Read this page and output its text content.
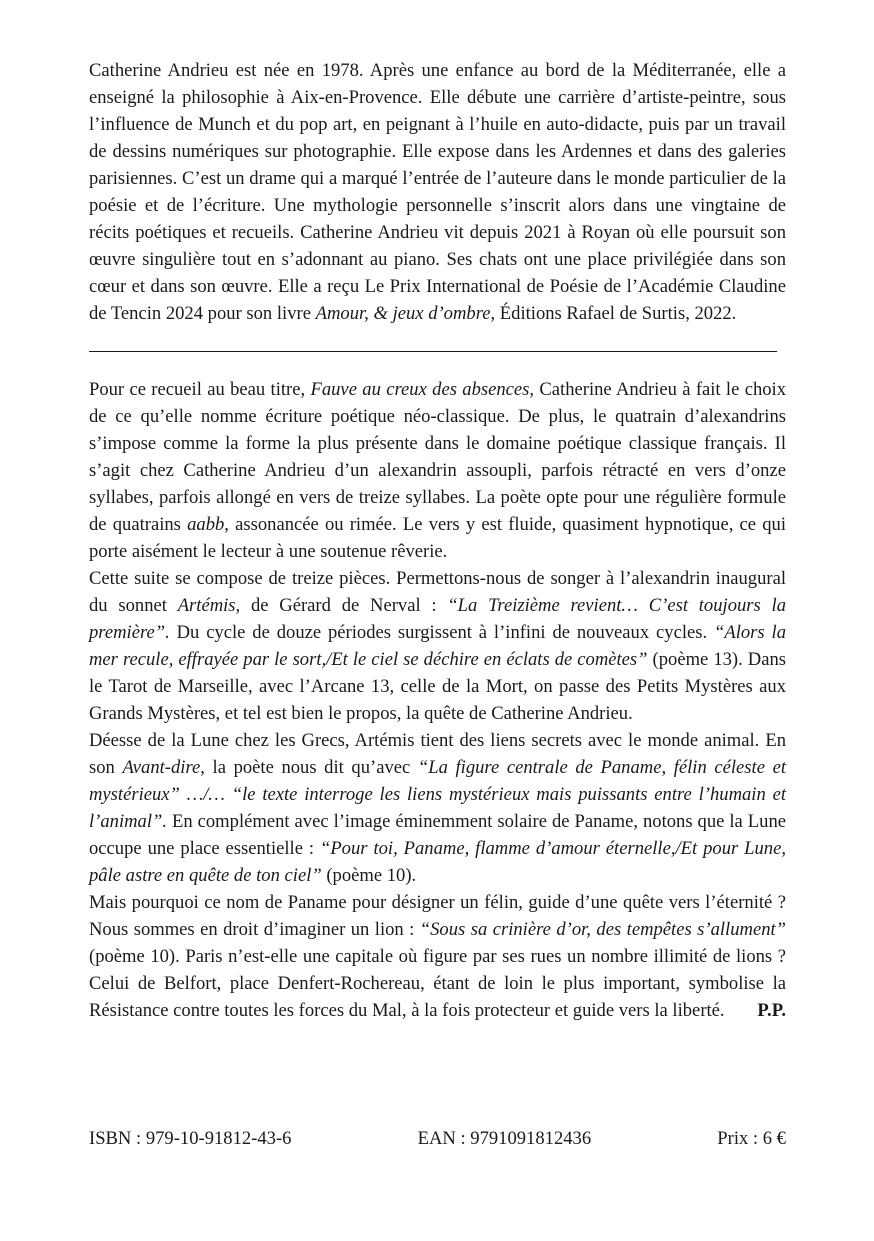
Catherine Andrieu est née en 1978. Après une enfance au bord de la Méditerranée, elle a enseigné la philosophie à Aix-en-Provence. Elle débute une carrière d’artiste-peintre, sous l’influence de Munch et du pop art, en peignant à l’huile en auto-didacte, puis par un travail de dessins numériques sur photographie. Elle expose dans les Ardennes et dans des galeries parisiennes. C’est un drame qui a marqué l’entrée de l’auteure dans le monde particulier de la poésie et de l’écriture. Une mythologie personnelle s’inscrit alors dans une vingtaine de récits poétiques et recueils. Catherine Andrieu vit depuis 2021 à Royan où elle poursuit son œuvre singulière tout en s’adonnant au piano. Ses chats ont une place privilégiée dans son cœur et dans son œuvre. Elle a reçu Le Prix International de Poésie de l’Académie Claudine de Tencin 2024 pour son livre Amour, & jeux d’ombre, Éditions Rafael de Surtis, 2022.

Pour ce recueil au beau titre, Fauve au creux des absences, Catherine Andrieu à fait le choix de ce qu’elle nomme écriture poétique néo-classique. De plus, le quatrain d’alexandrins s’impose comme la forme la plus présente dans le domaine poétique classique français. Il s’agit chez Catherine Andrieu d’un alexandrin assoupli, parfois rétracté en vers d’onze syllabes, parfois allongé en vers de treize syllabes. La poète opte pour une régulière formule de quatrains aabb, assonancée ou rimée. Le vers y est fluide, quasiment hypnotique, ce qui porte aisément le lecteur à une soutenue rêverie.

Cette suite se compose de treize pièces. Permettons-nous de songer à l’alexandrin inaugural du sonnet Artémis, de Gérard de Nerval : “La Treizième revient… C’est toujours la première”. Du cycle de douze périodes surgissent à l’infini de nouveaux cycles. “Alors la mer recule, effrayée par le sort,/Et le ciel se déchire en éclats de comètes” (poème 13). Dans le Tarot de Marseille, avec l’Arcane 13, celle de la Mort, on passe des Petits Mystères aux Grands Mystères, et tel est bien le propos, la quête de Catherine Andrieu.

Déesse de la Lune chez les Grecs, Artémis tient des liens secrets avec le monde animal. En son Avant-dire, la poète nous dit qu’avec “La figure centrale de Paname, félin céleste et mystérieux” …/… “le texte interroge les liens mystérieux mais puissants entre l’humain et l’animal”. En complément avec l’image éminemment solaire de Paname, notons que la Lune occupe une place essentielle : “Pour toi, Paname, flamme d’amour éternelle,/Et pour Lune, pâle astre en quête de ton ciel” (poème 10).

Mais pourquoi ce nom de Paname pour désigner un félin, guide d’une quête vers l’éternité ? Nous sommes en droit d’imaginer un lion : “Sous sa crinière d’or, des tempêtes s’allument” (poème 10). Paris n’est-elle une capitale où figure par ses rues un nombre illimité de lions ? Celui de Belfort, place Denfert-Rochereau, étant de loin le plus important, symbolise la Résistance contre toutes les forces du Mal, à la fois protecteur et guide vers la liberté. P.P.

ISBN : 979-10-91812-43-6	EAN : 9791091812436	Prix : 6 €
